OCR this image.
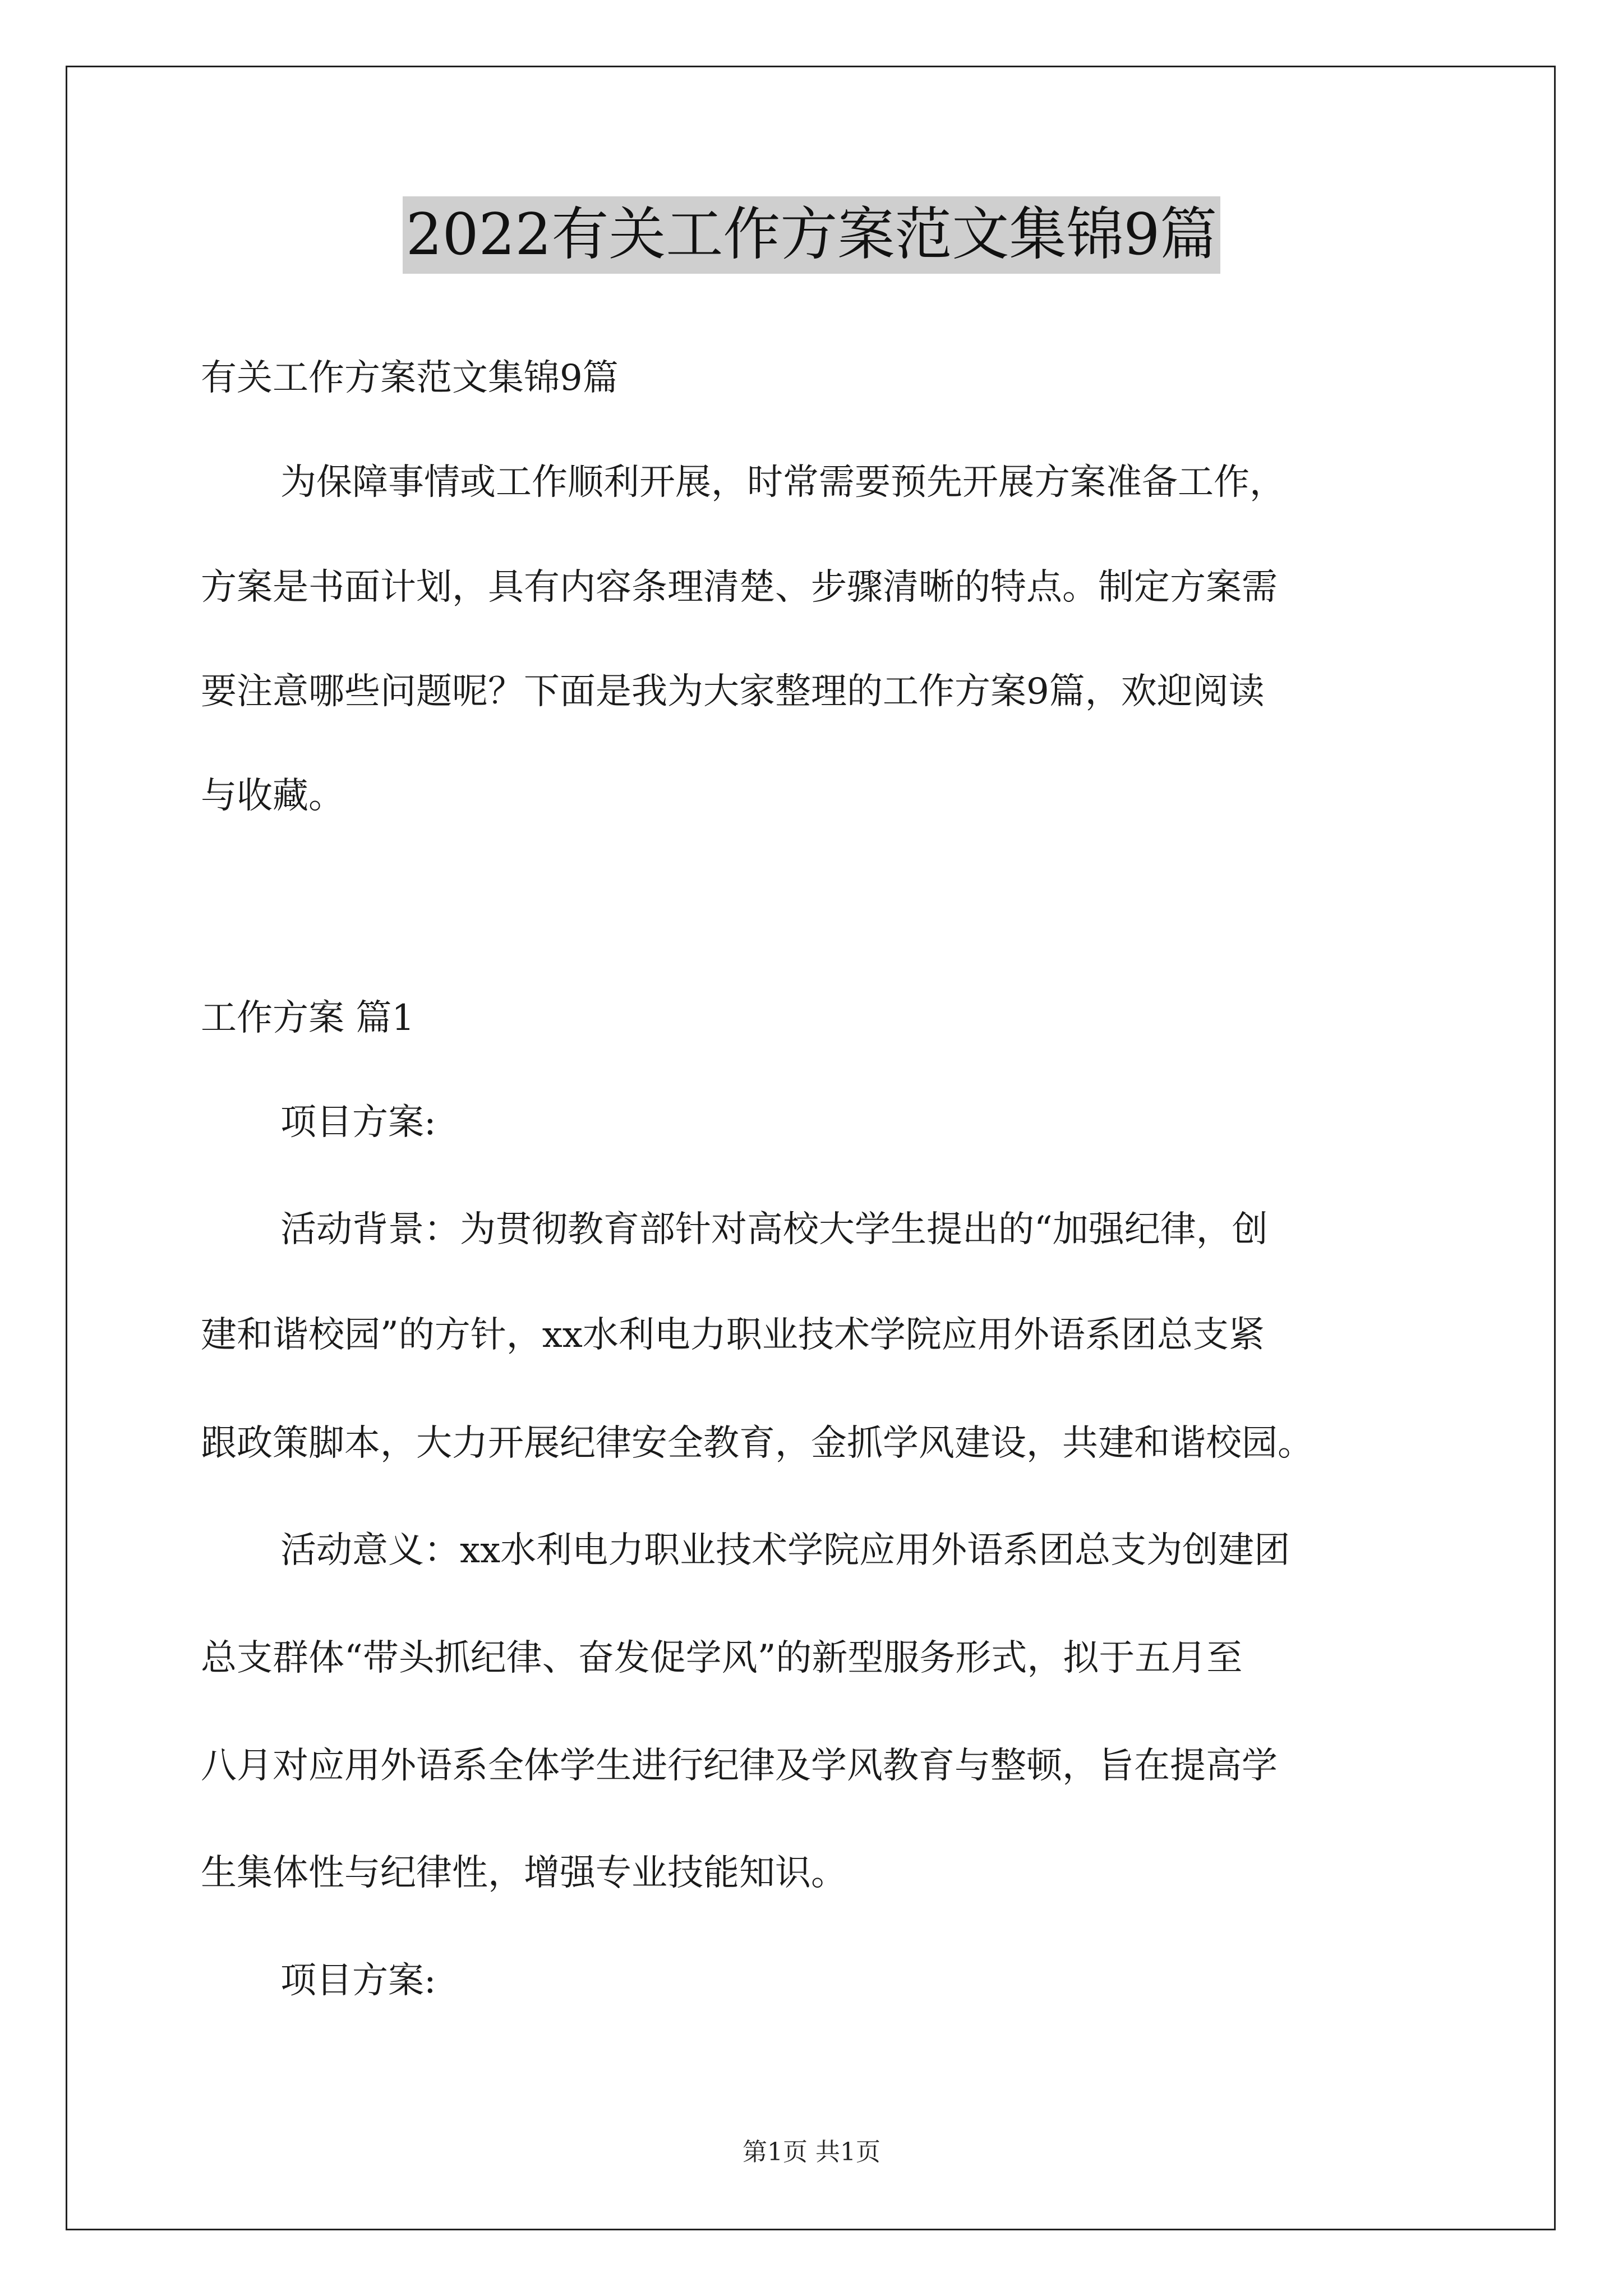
2022有关工作方案范文集锦9篇
有关工作方案范文集锦9篇
为保障事情或工作顺利开展，时常需要预先开展方案准备工作，
方案是书面计划，具有内容条理清楚、步骤清晰的特点。制定方案需
要注意哪些问题呢？下面是我为大家整理的工作方案9篇，欢迎阅读
与收藏。
工作方案 篇1
项目方案:
活动背景：为贯彻教育部针对高校大学生提出的“加强纪律，创
建和谐校园”的方针，xx水利电力职业技术学院应用外语系团总支紧
跟政策脚本，大力开展纪律安全教育，金抓学风建设，共建和谐校园。
活动意义：xx水利电力职业技术学院应用外语系团总支为创建团
总支群体“带头抓纪律、奋发促学风”的新型服务形式，拟于五月至
八月对应用外语系全体学生进行纪律及学风教育与整顿，旨在提高学
生集体性与纪律性，增强专业技能知识。
项目方案:
第1页 共1页
